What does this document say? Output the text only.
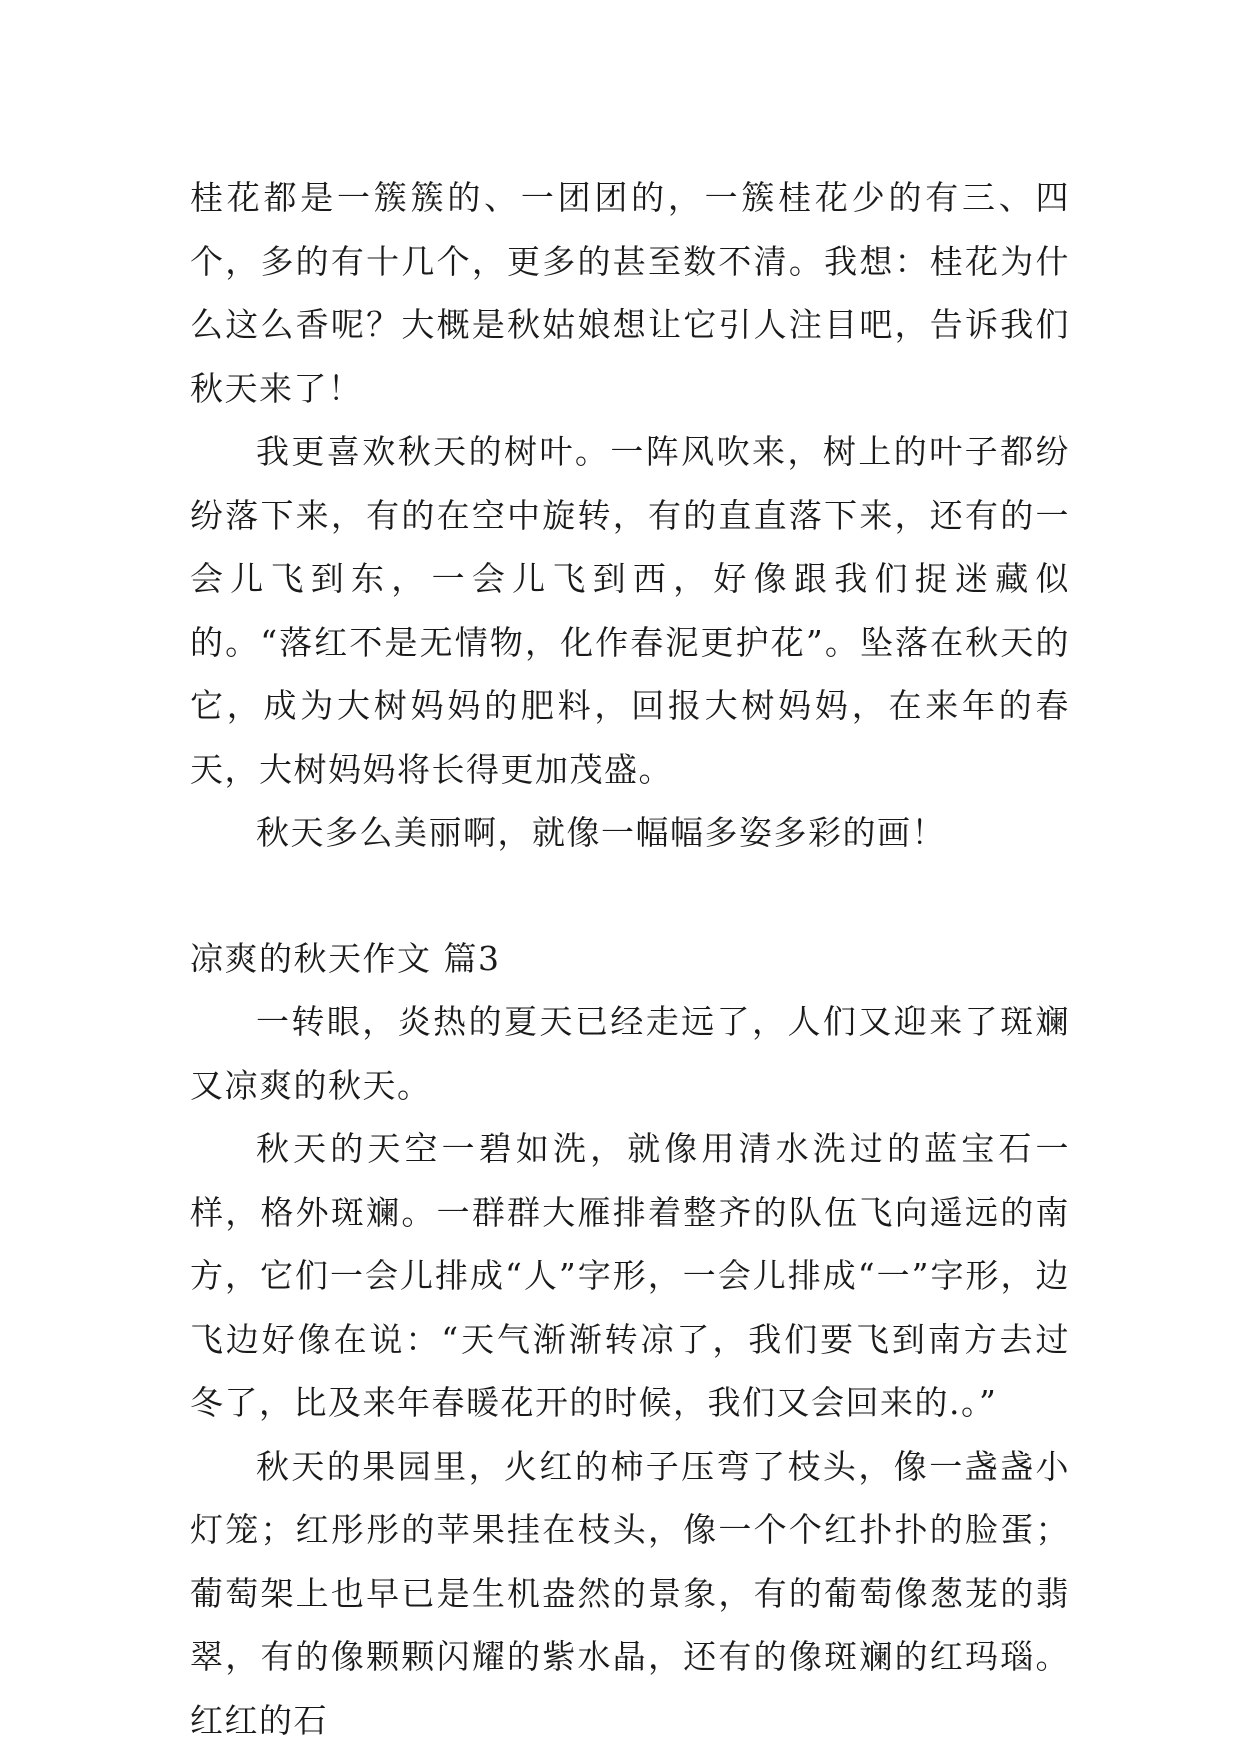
桂花都是一簇簇的、一团团的，一簇桂花少的有三、四个，多的有十几个，更多的甚至数不清。我想：桂花为什么这么香呢？大概是秋姑娘想让它引人注目吧，告诉我们秋天来了！

我更喜欢秋天的树叶。一阵风吹来，树上的叶子都纷纷落下来，有的在空中旋转，有的直直落下来，还有的一会儿飞到东，一会儿飞到西，好像跟我们捉迷藏似的。“落红不是无情物，化作春泥更护花”。坠落在秋天的它，成为大树妈妈的肥料，回报大树妈妈，在来年的春天，大树妈妈将长得更加茂盛。

秋天多么美丽啊，就像一幅幅多姿多彩的画！

凉爽的秋天作文 篇3

一转眼，炎热的夏天已经走远了，人们又迎来了斑斓又凉爽的秋天。

秋天的天空一碧如洗，就像用清水洗过的蓝宝石一样，格外斑斓。一群群大雁排着整齐的队伍飞向遥远的南方，它们一会儿排成“人”字形，一会儿排成“一”字形，边飞边好像在说：“天气渐渐转凉了，我们要飞到南方去过冬了，比及来年春暖花开的时候，我们又会回来的.。”

秋天的果园里，火红的柿子压弯了枝头，像一盏盏小灯笼；红彤彤的苹果挂在枝头，像一个个红扑扑的脸蛋；葡萄架上也早已是生机盎然的景象，有的葡萄像葱茏的翡翠，有的像颗颗闪耀的紫水晶，还有的像斑斓的红玛瑙。红红的石
